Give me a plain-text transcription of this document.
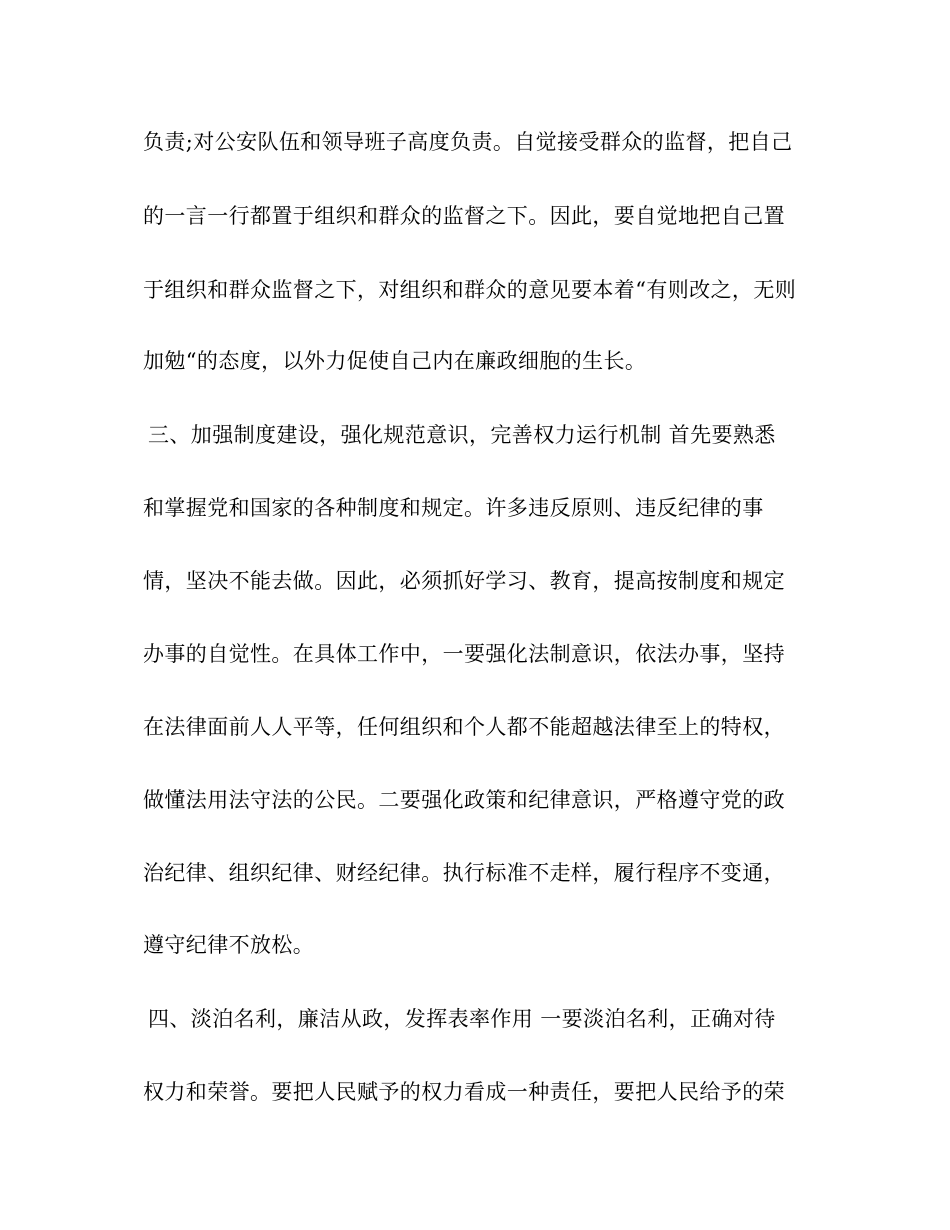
负责;对公安队伍和领导班子高度负责。自觉接受群众的监督，把自己
的一言一行都置于组织和群众的监督之下。因此，要自觉地把自己置
于组织和群众监督之下，对组织和群众的意见要本着“有则改之，无则
加勉“的态度，以外力促使自己内在廉政细胞的生长。
三、加强制度建设，强化规范意识，完善权力运行机制 首先要熟悉
和掌握党和国家的各种制度和规定。许多违反原则、违反纪律的事
情，坚决不能去做。因此，必须抓好学习、教育，提高按制度和规定
办事的自觉性。在具体工作中，一要强化法制意识，依法办事，坚持
在法律面前人人平等，任何组织和个人都不能超越法律至上的特权，
做懂法用法守法的公民。二要强化政策和纪律意识，严格遵守党的政
治纪律、组织纪律、财经纪律。执行标准不走样，履行程序不变通，
遵守纪律不放松。
四、淡泊名利，廉洁从政，发挥表率作用 一要淡泊名利，正确对待
权力和荣誉。要把人民赋予的权力看成一种责任，要把人民给予的荣
